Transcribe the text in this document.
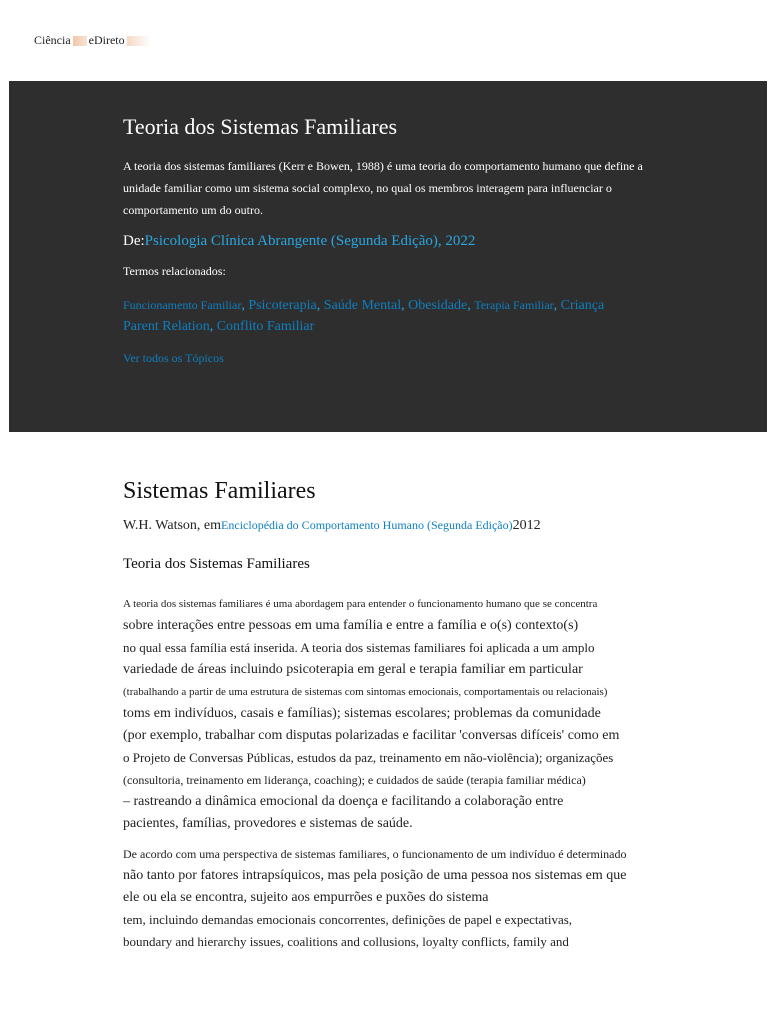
Ciência eDireto
Teoria dos Sistemas Familiares

A teoria dos sistemas familiares (Kerr e Bowen, 1988) é uma teoria do comportamento humano que define a unidade familiar como um sistema social complexo, no qual os membros interagem para influenciar o comportamento um do outro.

De:Psicologia Clínica Abrangente (Segunda Edição), 2022

Termos relacionados:

Funcionamento Familiar, Psicoterapia, Saúde Mental, Obesidade, Terapia Familiar, Criança
Parent Relation, Conflito Familiar
Ver todos os Tópicos
Sistemas Familiares

W.H. Watson, emEnciclopédia do Comportamento Humano (Segunda Edição)2012

Teoria dos Sistemas Familiares
A teoria dos sistemas familiares é uma abordagem para entender o funcionamento humano que se concentra
sobre interações entre pessoas em uma família e entre a família e o(s) contexto(s)
no qual essa família está inserida. A teoria dos sistemas familiares foi aplicada a um amplo
variedade de áreas incluindo psicoterapia em geral e terapia familiar em particular
(trabalhando a partir de uma estrutura de sistemas com sintomas emocionais, comportamentais ou relacionais)
toms em indivíduos, casais e famílias); sistemas escolares; problemas da comunidade
(por exemplo, trabalhar com disputas polarizadas e facilitar 'conversas difíceis' como em
o Projeto de Conversas Públicas, estudos da paz, treinamento em não-violência); organizações
(consultoria, treinamento em liderança, coaching); e cuidados de saúde (terapia familiar médica)
– rastreando a dinâmica emocional da doença e facilitando a colaboração entre
pacientes, famílias, provedores e sistemas de saúde.
De acordo com uma perspectiva de sistemas familiares, o funcionamento de um indivíduo é determinado
não tanto por fatores intrapsíquicos, mas pela posição de uma pessoa nos sistemas em que
ele ou ela se encontra, sujeito aos empurrões e puxões do sistema
tem, incluindo demandas emocionais concorrentes, definições de papel e expectativas,
boundary and hierarchy issues, coalitions and collusions, loyalty conflicts, family and
